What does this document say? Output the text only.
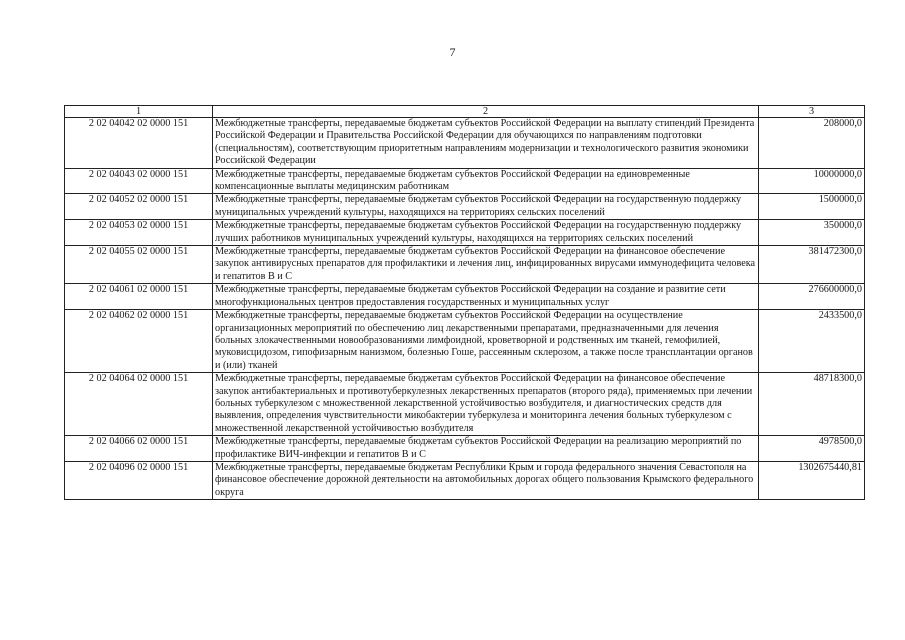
7
1	2	3
2 02 04042 02 0000 151	Межбюджетные трансферты, передаваемые бюджетам субъектов Российской Федерации на выплату стипендий Президента Российской Федерации и Правительства Российской Федерации для обучающихся по направлениям подготовки (специальностям), соответствующим приоритетным направлениям модернизации и технологического развития экономики Российской Федерации	208000,0
2 02 04043 02 0000 151	Межбюджетные трансферты, передаваемые бюджетам субъектов Российской Федерации на единовременные компенсационные выплаты медицинским работникам	10000000,0
2 02 04052 02 0000 151	Межбюджетные трансферты, передаваемые бюджетам субъектов Российской Федерации на государственную поддержку муниципальных учреждений культуры, находящихся на территориях сельских поселений	1500000,0
2 02 04053 02 0000 151	Межбюджетные трансферты, передаваемые бюджетам субъектов Российской Федерации на государственную поддержку лучших работников муниципальных учреждений культуры, находящихся на территориях сельских поселений	350000,0
2 02 04055 02 0000 151	Межбюджетные трансферты, передаваемые бюджетам субъектов Российской Федерации на финансовое обеспечение закупок антивирусных препаратов для профилактики и лечения лиц, инфицированных вирусами иммунодефицита человека и гепатитов В и С	381472300,0
2 02 04061 02 0000 151	Межбюджетные трансферты, передаваемые бюджетам субъектов Российской Федерации на создание и развитие сети многофункциональных центров предоставления государственных и муниципальных услуг	276600000,0
2 02 04062 02 0000 151	Межбюджетные трансферты, передаваемые бюджетам субъектов Российской Федерации на осуществление организационных мероприятий по обеспечению лиц лекарственными препаратами, предназначенными для лечения больных злокачественными новообразованиями лимфоидной, кроветворной и родственных им тканей, гемофилией, муковисцидозом, гипофизарным нанизмом, болезнью Гоше, рассеянным склерозом, а также после трансплантации органов и (или) тканей	2433500,0
2 02 04064 02 0000 151	Межбюджетные трансферты, передаваемые бюджетам субъектов Российской Федерации на финансовое обеспечение закупок антибактериальных и противотуберкулезных лекарственных препаратов (второго ряда), применяемых при лечении больных туберкулезом с множественной лекарственной устойчивостью возбудителя, и диагностических средств для выявления, определения чувствительности микобактерии туберкулеза и мониторинга лечения больных туберкулезом с множественной лекарственной устойчивостью возбудителя	48718300,0
2 02 04066 02 0000 151	Межбюджетные трансферты, передаваемые бюджетам субъектов Российской Федерации на реализацию мероприятий по профилактике ВИЧ-инфекции и гепатитов В и С	4978500,0
2 02 04096 02 0000 151	Межбюджетные трансферты, передаваемые бюджетам Республики Крым и города федерального значения Севастополя на финансовое обеспечение дорожной деятельности на автомобильных дорогах общего пользования Крымского федерального округа	1302675440,81
